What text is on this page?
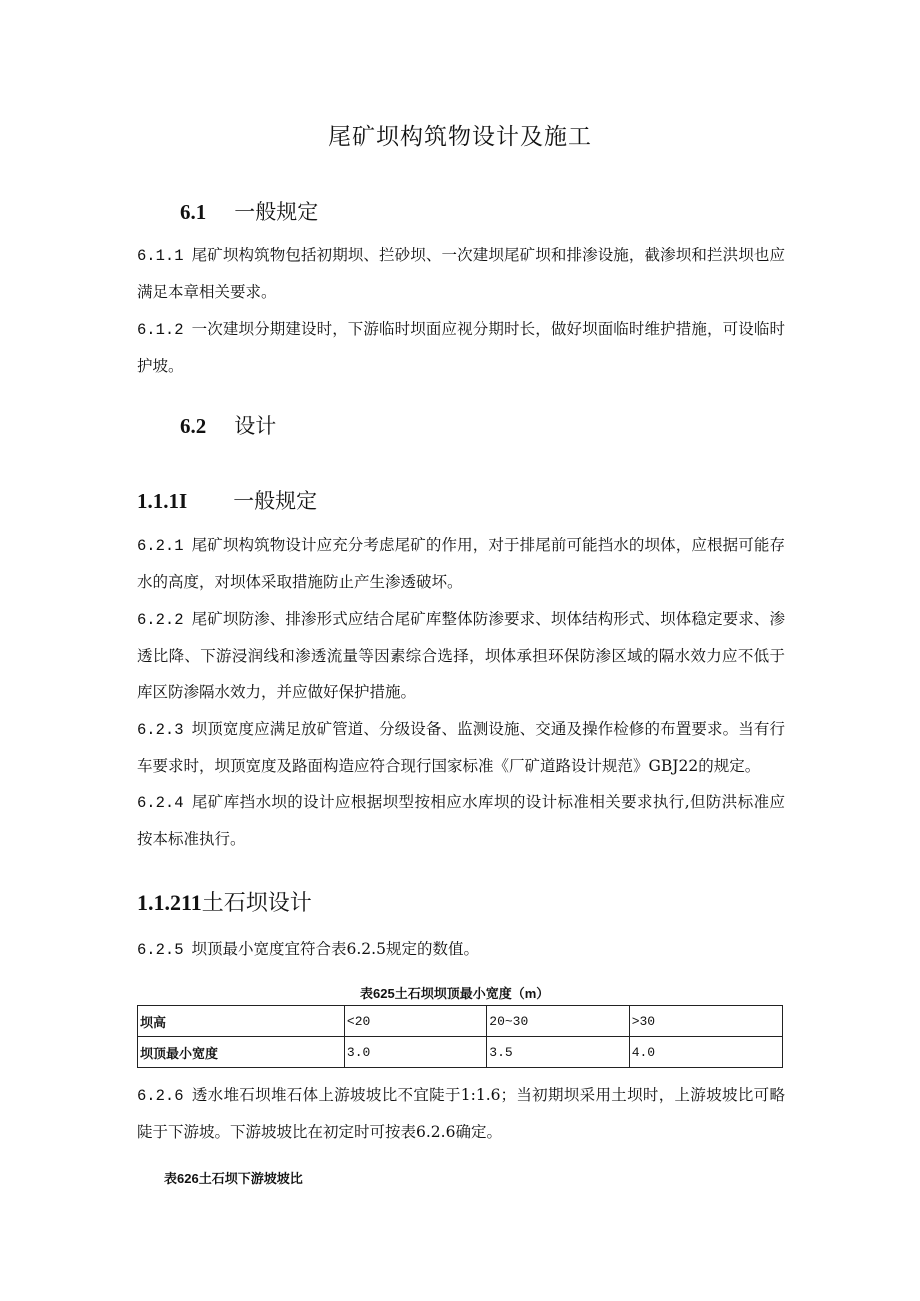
尾矿坝构筑物设计及施工
6.1 一般规定
6.1.1 尾矿坝构筑物包括初期坝、拦砂坝、一次建坝尾矿坝和排渗设施，截渗坝和拦洪坝也应满足本章相关要求。
6.1.2 一次建坝分期建设时，下游临时坝面应视分期时长，做好坝面临时维护措施，可设临时护坡。
6.2 设计
1.1.1I 一般规定
6.2.1 尾矿坝构筑物设计应充分考虑尾矿的作用，对于排尾前可能挡水的坝体，应根据可能存水的高度，对坝体采取措施防止产生渗透破坏。
6.2.2 尾矿坝防渗、排渗形式应结合尾矿库整体防渗要求、坝体结构形式、坝体稳定要求、渗透比降、下游浸润线和渗透流量等因素综合选择，坝体承担环保防渗区域的隔水效力应不低于库区防渗隔水效力，并应做好保护措施。
6.2.3 坝顶宽度应满足放矿管道、分级设备、监测设施、交通及操作检修的布置要求。当有行车要求时，坝顶宽度及路面构造应符合现行国家标准《厂矿道路设计规范》GBJ22的规定。
6.2.4 尾矿库挡水坝的设计应根据坝型按相应水库坝的设计标准相关要求执行,但防洪标准应按本标准执行。
1.1.211土石坝设计
6.2.5 坝顶最小宽度宜符合表6.2.5规定的数值。
表625土石坝坝顶最小宽度（m）
坝高	<20	20~30	>30
坝顶最小宽度	3.0	3.5	4.0
6.2.6 透水堆石坝堆石体上游坡坡比不宜陡于1:1.6；当初期坝采用土坝时，上游坡坡比可略陡于下游坡。下游坡坡比在初定时可按表6.2.6确定。
表626土石坝下游坡坡比
